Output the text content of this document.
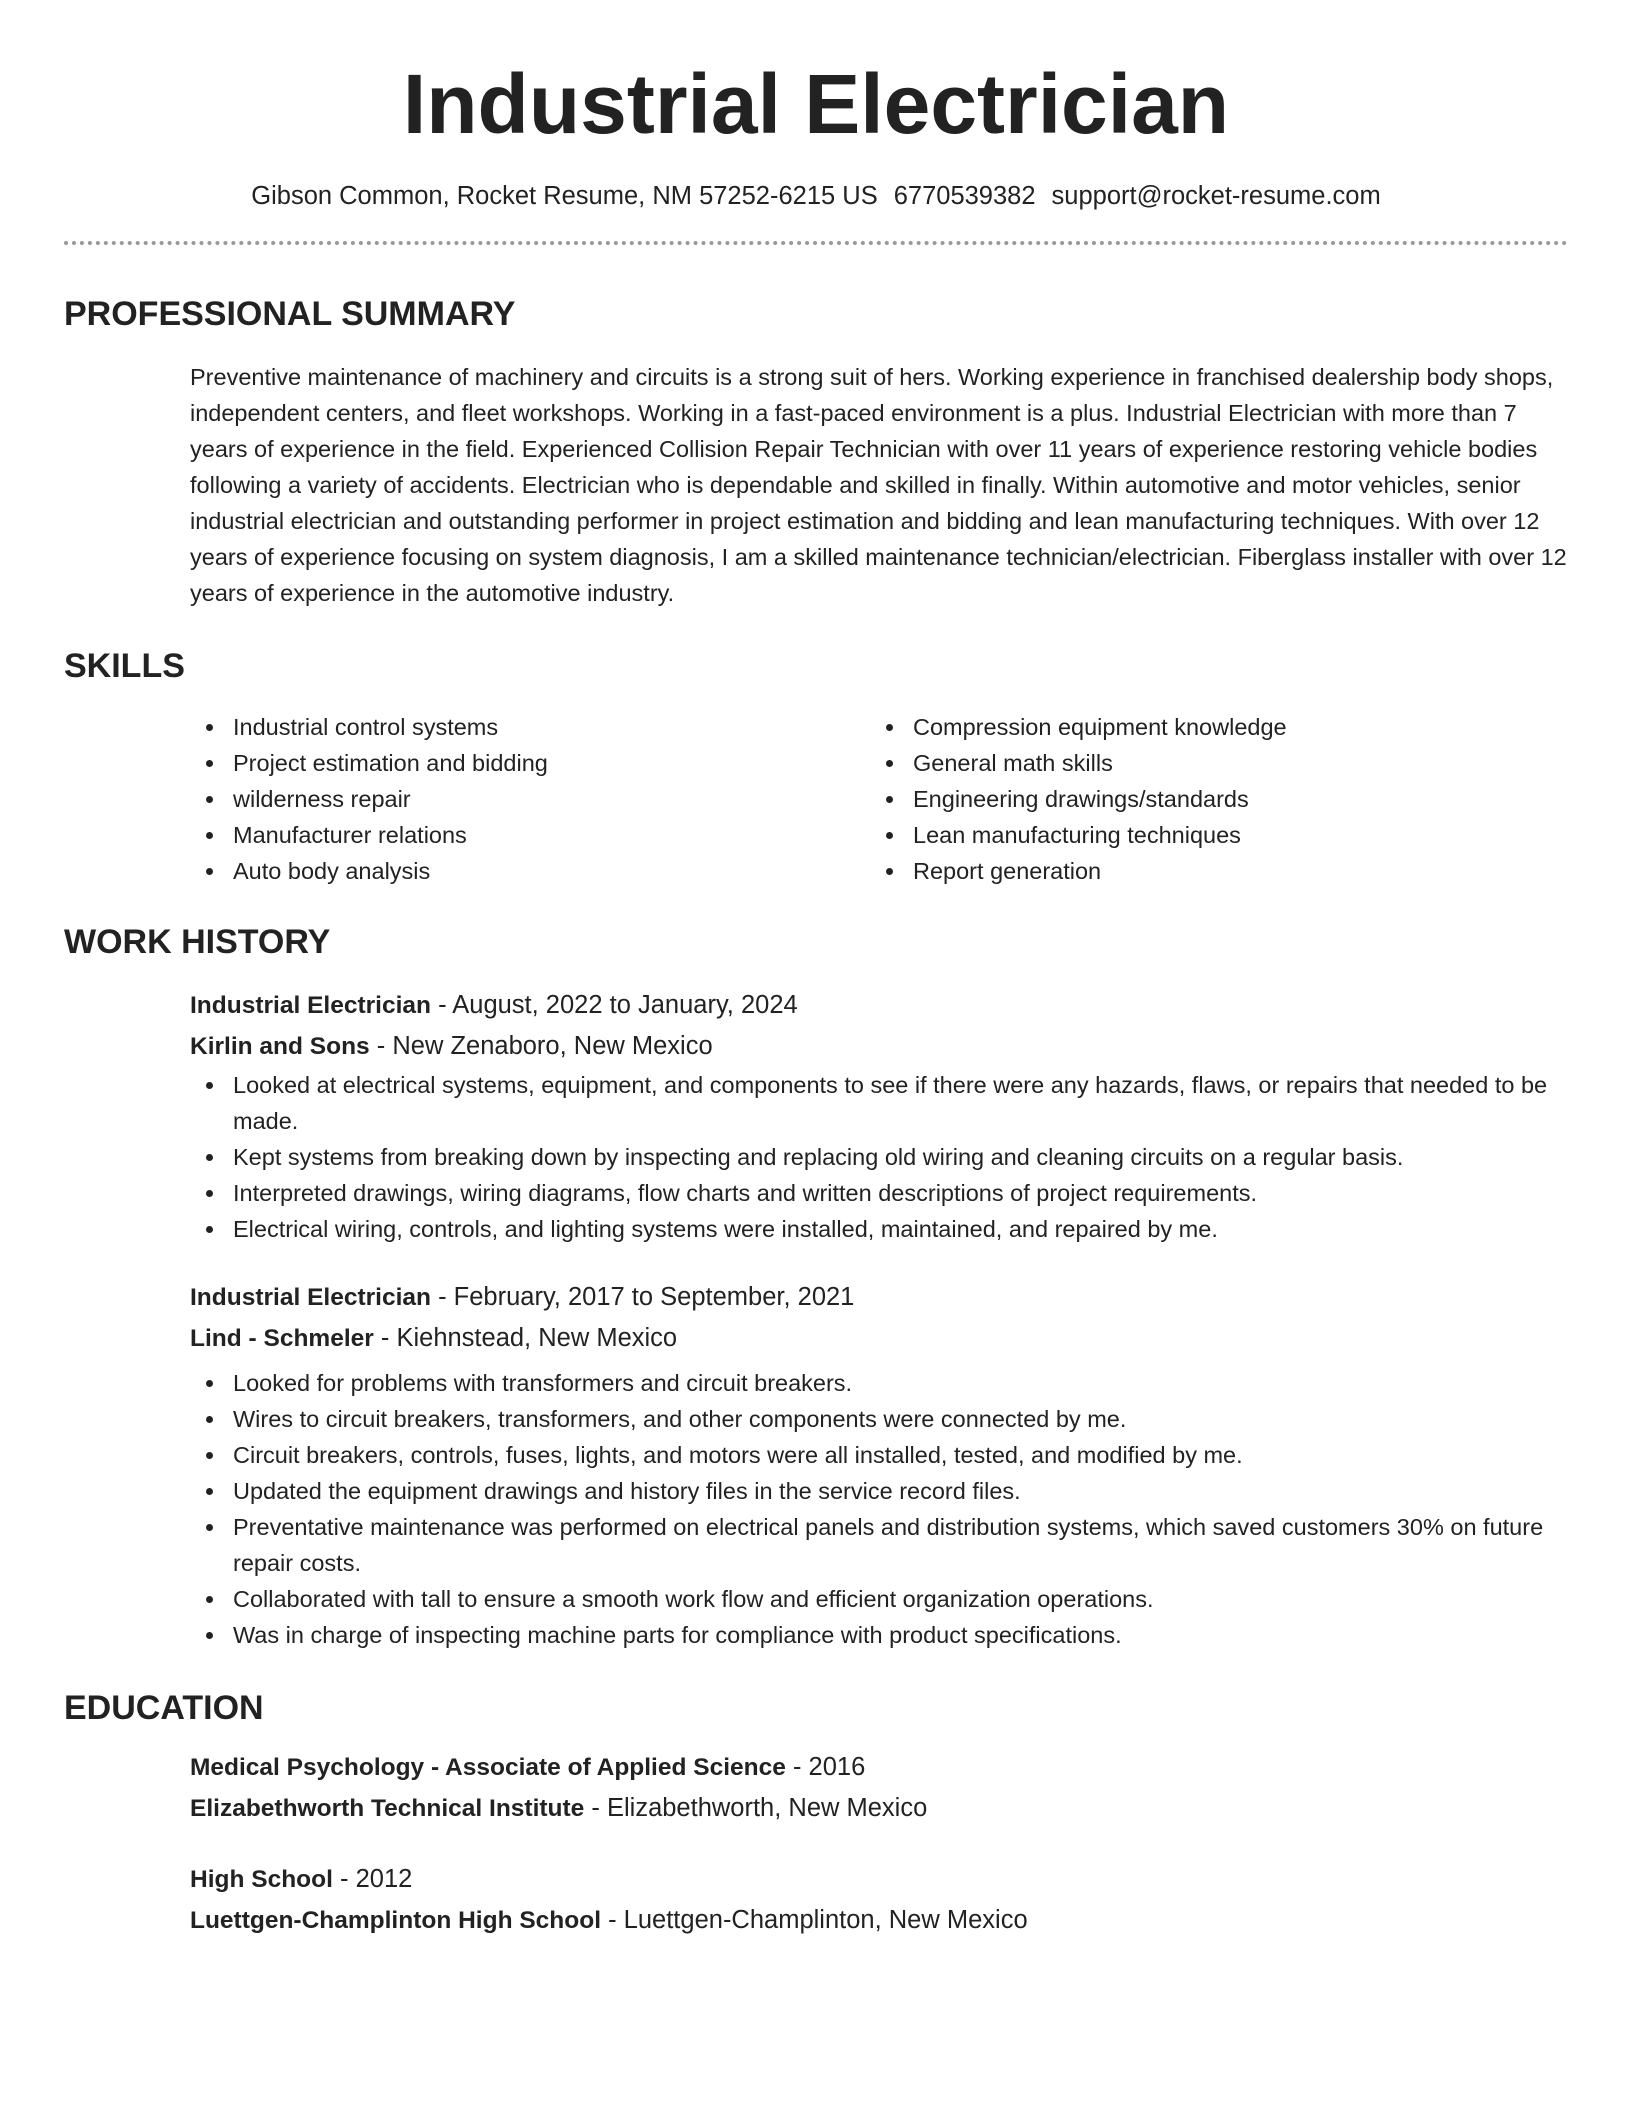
Industrial Electrician
Gibson Common, Rocket Resume, NM 57252-6215 US 6770539382 support@rocket-resume.com
PROFESSIONAL SUMMARY
Preventive maintenance of machinery and circuits is a strong suit of hers. Working experience in franchised dealership body shops, independent centers, and fleet workshops. Working in a fast-paced environment is a plus. Industrial Electrician with more than 7 years of experience in the field. Experienced Collision Repair Technician with over 11 years of experience restoring vehicle bodies following a variety of accidents. Electrician who is dependable and skilled in finally. Within automotive and motor vehicles, senior industrial electrician and outstanding performer in project estimation and bidding and lean manufacturing techniques. With over 12 years of experience focusing on system diagnosis, I am a skilled maintenance technician/electrician. Fiberglass installer with over 12 years of experience in the automotive industry.
SKILLS
Industrial control systems
Project estimation and bidding
wilderness repair
Manufacturer relations
Auto body analysis
Compression equipment knowledge
General math skills
Engineering drawings/standards
Lean manufacturing techniques
Report generation
WORK HISTORY
Industrial Electrician - August, 2022 to January, 2024
Kirlin and Sons - New Zenaboro, New Mexico
Looked at electrical systems, equipment, and components to see if there were any hazards, flaws, or repairs that needed to be made.
Kept systems from breaking down by inspecting and replacing old wiring and cleaning circuits on a regular basis.
Interpreted drawings, wiring diagrams, flow charts and written descriptions of project requirements.
Electrical wiring, controls, and lighting systems were installed, maintained, and repaired by me.
Industrial Electrician - February, 2017 to September, 2021
Lind - Schmeler - Kiehnstead, New Mexico
Looked for problems with transformers and circuit breakers.
Wires to circuit breakers, transformers, and other components were connected by me.
Circuit breakers, controls, fuses, lights, and motors were all installed, tested, and modified by me.
Updated the equipment drawings and history files in the service record files.
Preventative maintenance was performed on electrical panels and distribution systems, which saved customers 30% on future repair costs.
Collaborated with tall to ensure a smooth work flow and efficient organization operations.
Was in charge of inspecting machine parts for compliance with product specifications.
EDUCATION
Medical Psychology - Associate of Applied Science - 2016
Elizabethworth Technical Institute - Elizabethworth, New Mexico
High School - 2012
Luettgen-Champlinton High School - Luettgen-Champlinton, New Mexico
